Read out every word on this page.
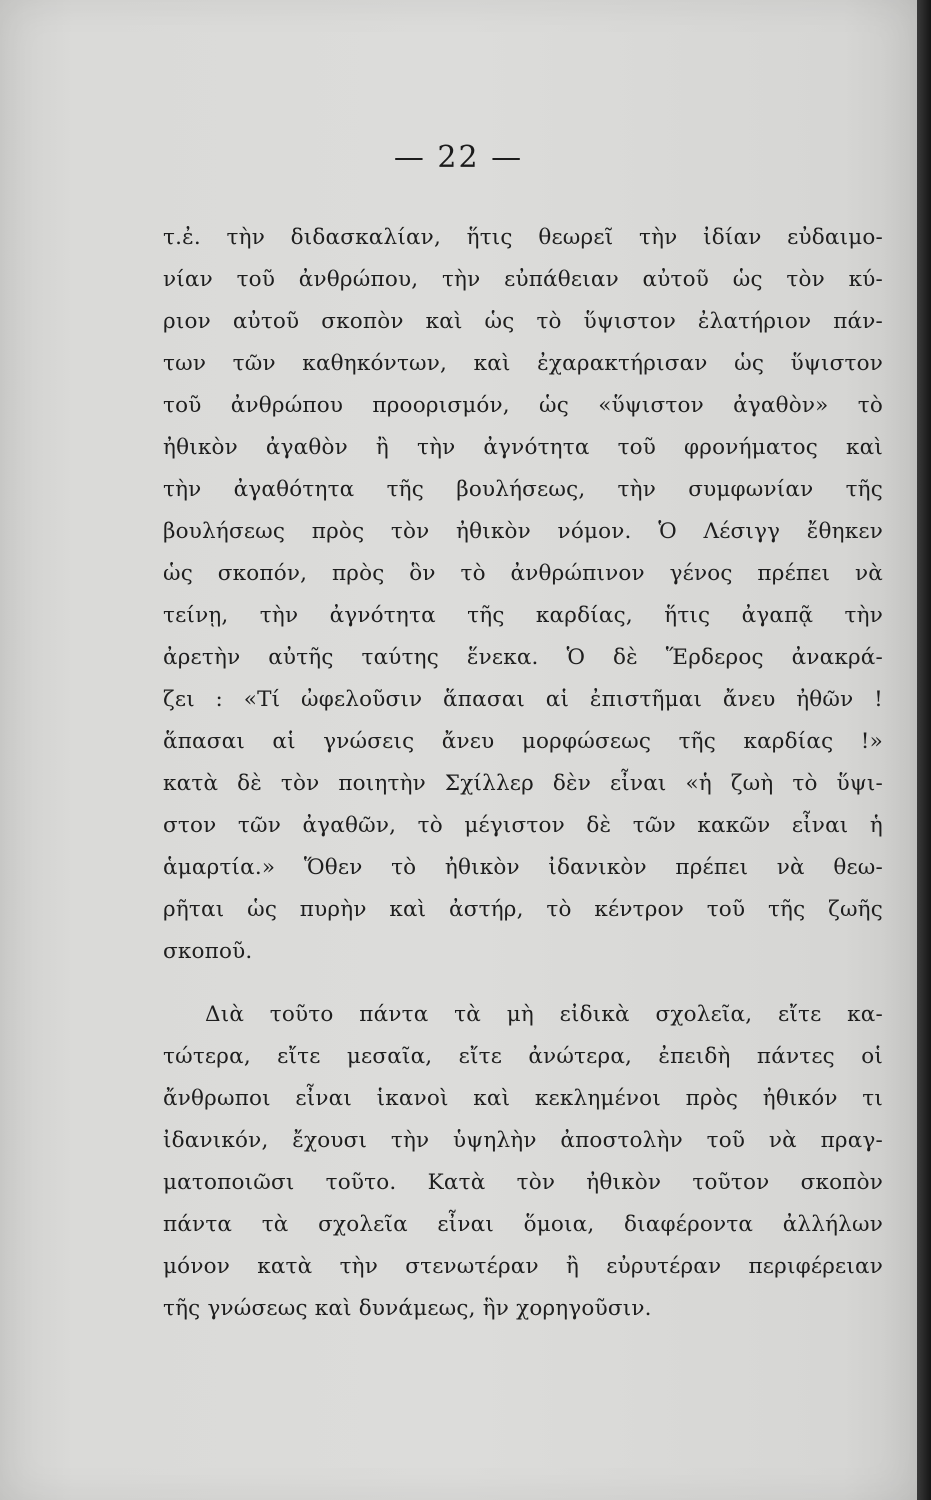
— 22 —
τ.ἐ. τὴν διδασκαλίαν, ἥτις θεωρεῖ τὴν ἰδίαν εὐδαιμο-
νίαν τοῦ ἀνθρώπου, τὴν εὐπάθειαν αὐτοῦ ὡς τὸν κύ-
ριον αὐτοῦ σκοπὸν καὶ ὡς τὸ ὕψιστον ἐλατήριον πάν-
των τῶν καθηκόντων, καὶ ἐχαρακτήρισαν ὡς ὕψιστον
τοῦ ἀνθρώπου προορισμόν, ὡς «ὕψιστον ἀγαθὸν» τὸ
ἠθικὸν ἀγαθὸν ἢ τὴν ἀγνότητα τοῦ φρονήματος καὶ
τὴν ἀγαθότητα τῆς βουλήσεως, τὴν συμφωνίαν τῆς
βουλήσεως πρὸς τὸν ἠθικὸν νόμον. Ὁ Λέσιγγ ἔθηκεν
ὡς σκοπόν, πρὸς ὃν τὸ ἀνθρώπινον γένος πρέπει νὰ
τείνῃ, τὴν ἀγνότητα τῆς καρδίας, ἥτις ἀγαπᾷ τὴν
ἀρετὴν αὐτῆς ταύτης ἕνεκα. Ὁ δὲ Ἕρδερος ἀνακρά-
ζει : «Τί ὠφελοῦσιν ἅπασαι αἱ ἐπιστῆμαι ἄνευ ἠθῶν !
ἅπασαι αἱ γνώσεις ἄνευ μορφώσεως τῆς καρδίας !»
κατὰ δὲ τὸν ποιητὴν Σχίλλερ δὲν εἶναι «ἡ ζωὴ τὸ ὕψι-
στον τῶν ἀγαθῶν, τὸ μέγιστον δὲ τῶν κακῶν εἶναι ἡ
ἁμαρτία.» Ὅθεν τὸ ἠθικὸν ἰδανικὸν πρέπει νὰ θεω-
ρῆται ὡς πυρὴν καὶ ἀστήρ, τὸ κέντρον τοῦ τῆς ζωῆς
σκοποῦ.
Διὰ τοῦτο πάντα τὰ μὴ εἰδικὰ σχολεῖα, εἴτε κα-
τώτερα, εἴτε μεσαῖα, εἴτε ἀνώτερα, ἐπειδὴ πάντες οἱ
ἄνθρωποι εἶναι ἱκανοὶ καὶ κεκλημένοι πρὸς ἠθικόν τι
ἰδανικόν, ἔχουσι τὴν ὑψηλὴν ἀποστολὴν τοῦ νὰ πραγ-
ματοποιῶσι τοῦτο. Κατὰ τὸν ἠθικὸν τοῦτον σκοπὸν
πάντα τὰ σχολεῖα εἶναι ὅμοια, διαφέροντα ἀλλήλων
μόνον κατὰ τὴν στενωτέραν ἢ εὐρυτέραν περιφέρειαν
τῆς γνώσεως καὶ δυνάμεως, ἣν χορηγοῦσιν.
